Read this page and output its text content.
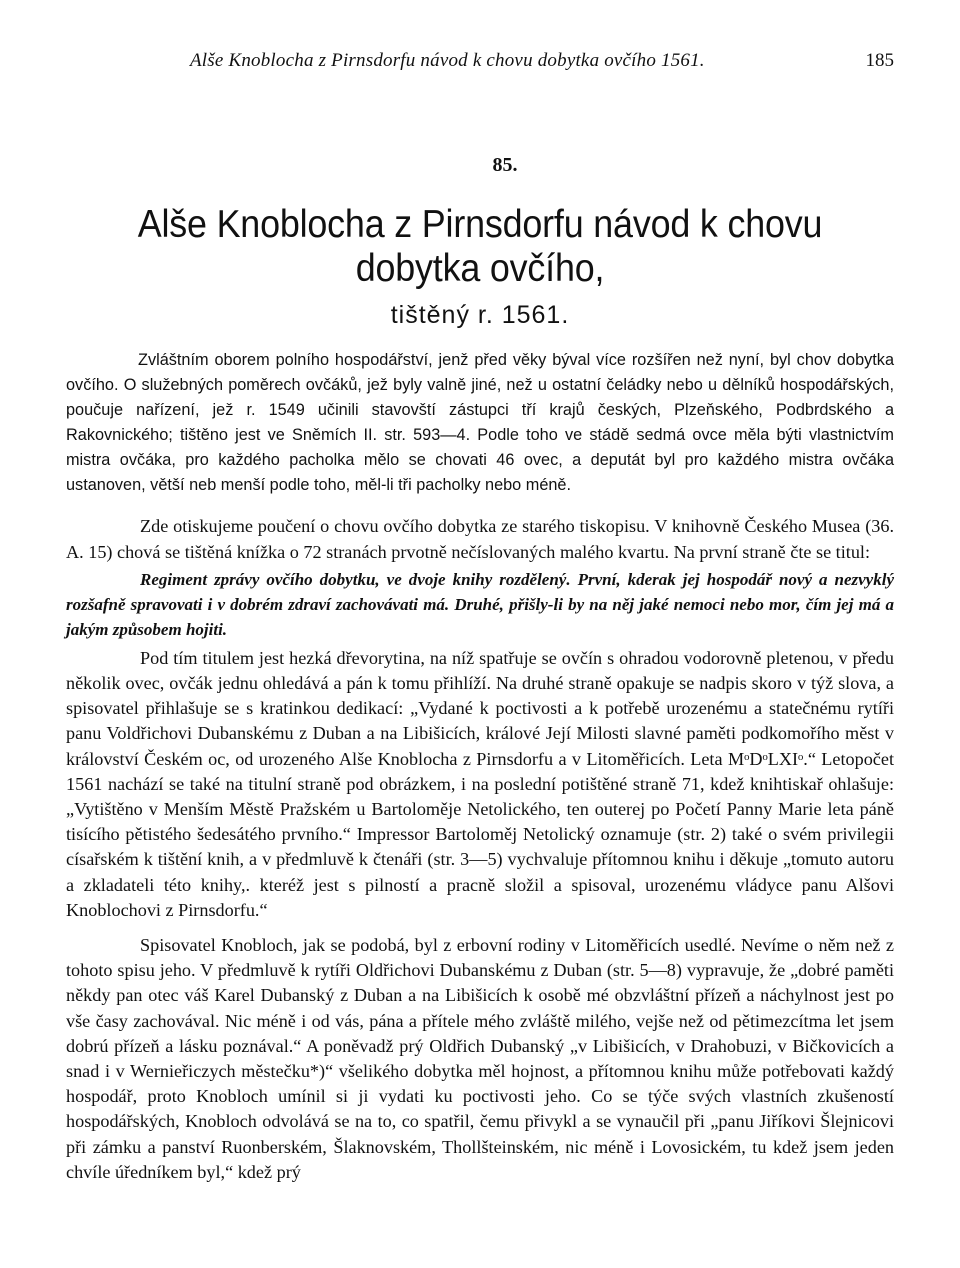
Alše Knoblocha z Pirnsdorfu návod k chovu dobytka ovčího 1561.	185
85.
Alše Knoblocha z Pirnsdorfu návod k chovu dobytka ovčího,
tištěný r. 1561.

Zvláštním oborem polního hospodářství, jenž před věky býval více rozšířen než nyní, byl chov dobytka ovčího. O služebných poměrech ovčáků, jež byly valně jiné, než u ostatní čeládky nebo u dělníků hospodářských, poučuje nařízení, jež r. 1549 učinili stavovští zástupci tří krajů českých, Plzeňského, Podbrdského a Rakovnického; tištěno jest ve Sněmích II. str. 593—4. Podle toho ve stádě sedmá ovce měla býti vlastnictvím mistra ovčáka, pro každého pacholka mělo se chovati 46 ovec, a deputát byl pro každého mistra ovčáka ustanoven, větší neb menší podle toho, měl-li tři pacholky nebo méně.

Zde otiskujeme poučení o chovu ovčího dobytka ze starého tiskopisu. V knihovně Českého Musea (36. A. 15) chová se tištěná knížka o 72 stranách prvotně nečíslovaných malého kvartu. Na první straně čte se titul:

Regiment zprávy ovčího dobytku, ve dvoje knihy rozdělený. První, kderak jej hospodář nový a nezvyklý rozšafně spravovati i v dobrém zdraví zachovávati má. Druhé, přišly-li by na něj jaké nemoci nebo mor, čím jej má a jakým způsobem hojiti.

Pod tím titulem jest hezká dřevorytina, na níž spatřuje se ovčín s ohradou vodorovně pletenou, v předu několik ovec, ovčák jednu ohledává a pán k tomu přihlíží. Na druhé straně opakuje se nadpis skoro v týž slova, a spisovatel přihlašuje se s kratinkou dedikací: „Vydané k poctivosti a k potřebě urozenému a statečnému rytíři panu Voldřichovi Dubanskému z Duban a na Libišicích, králové Její Milosti slavné paměti podkomořího měst v království Českém oc, od urozeného Alše Knoblocha z Pirnsdorfu a v Litoměřicích. Leta MᵒDᵒLXIᵒ.“ Letopočet 1561 nachází se také na titulní straně pod obrázkem, i na poslední potištěné straně 71, kdež knihtiskař ohlašuje: „Vytištěno v Menším Městě Pražském u Bartoloměje Netolického, ten outerej po Početí Panny Marie leta páně tisícího pětistého šedesátého prvního.“ Impressor Bartoloměj Netolický oznamuje (str. 2) také o svém privilegii císařském k tištění knih, a v předmluvě k čtenáři (str. 3—5) vychvaluje přítomnou knihu i děkuje „tomuto autoru a zkladateli této knihy,. kteréž jest s pilností a pracně složil a spisoval, urozenému vládyce panu Alšovi Knoblochovi z Pirnsdorfu.“

Spisovatel Knobloch, jak se podobá, byl z erbovní rodiny v Litoměřicích usedlé. Nevíme o něm než z tohoto spisu jeho. V předmluvě k rytíři Oldřichovi Dubanskému z Duban (str. 5—8) vypravuje, že „dobré paměti někdy pan otec váš Karel Dubanský z Duban a na Libišicích k osobě mé obzvláštní přízeň a náchylnost jest po vše časy zachovával. Nic méně i od vás, pána a přítele mého zvláště milého, vejše než od pětimezcítma let jsem dobrú přízeň a lásku poznával.“ A poněvadž prý Oldřich Dubanský „v Libišicích, v Drahobuzi, v Bičkovicích a snad i v Wernieřiczych městečku*)“ všelikého dobytka měl hojnost, a přítomnou knihu může potřebovati každý hospodář, proto Knobloch umínil si ji vydati ku poctivosti jeho. Co se týče svých vlastních zkušeností hospodářských, Knobloch odvolává se na to, co spatřil, čemu přivykl a se vynaučil při „panu Jiříkovi Šlejnicovi při zámku a panství Ruonberském, Šlaknovském, Thollšteinském, nic méně i Lovosickém, tu kdež jsem jeden chvíle úředníkem byl,“ kdež prý
